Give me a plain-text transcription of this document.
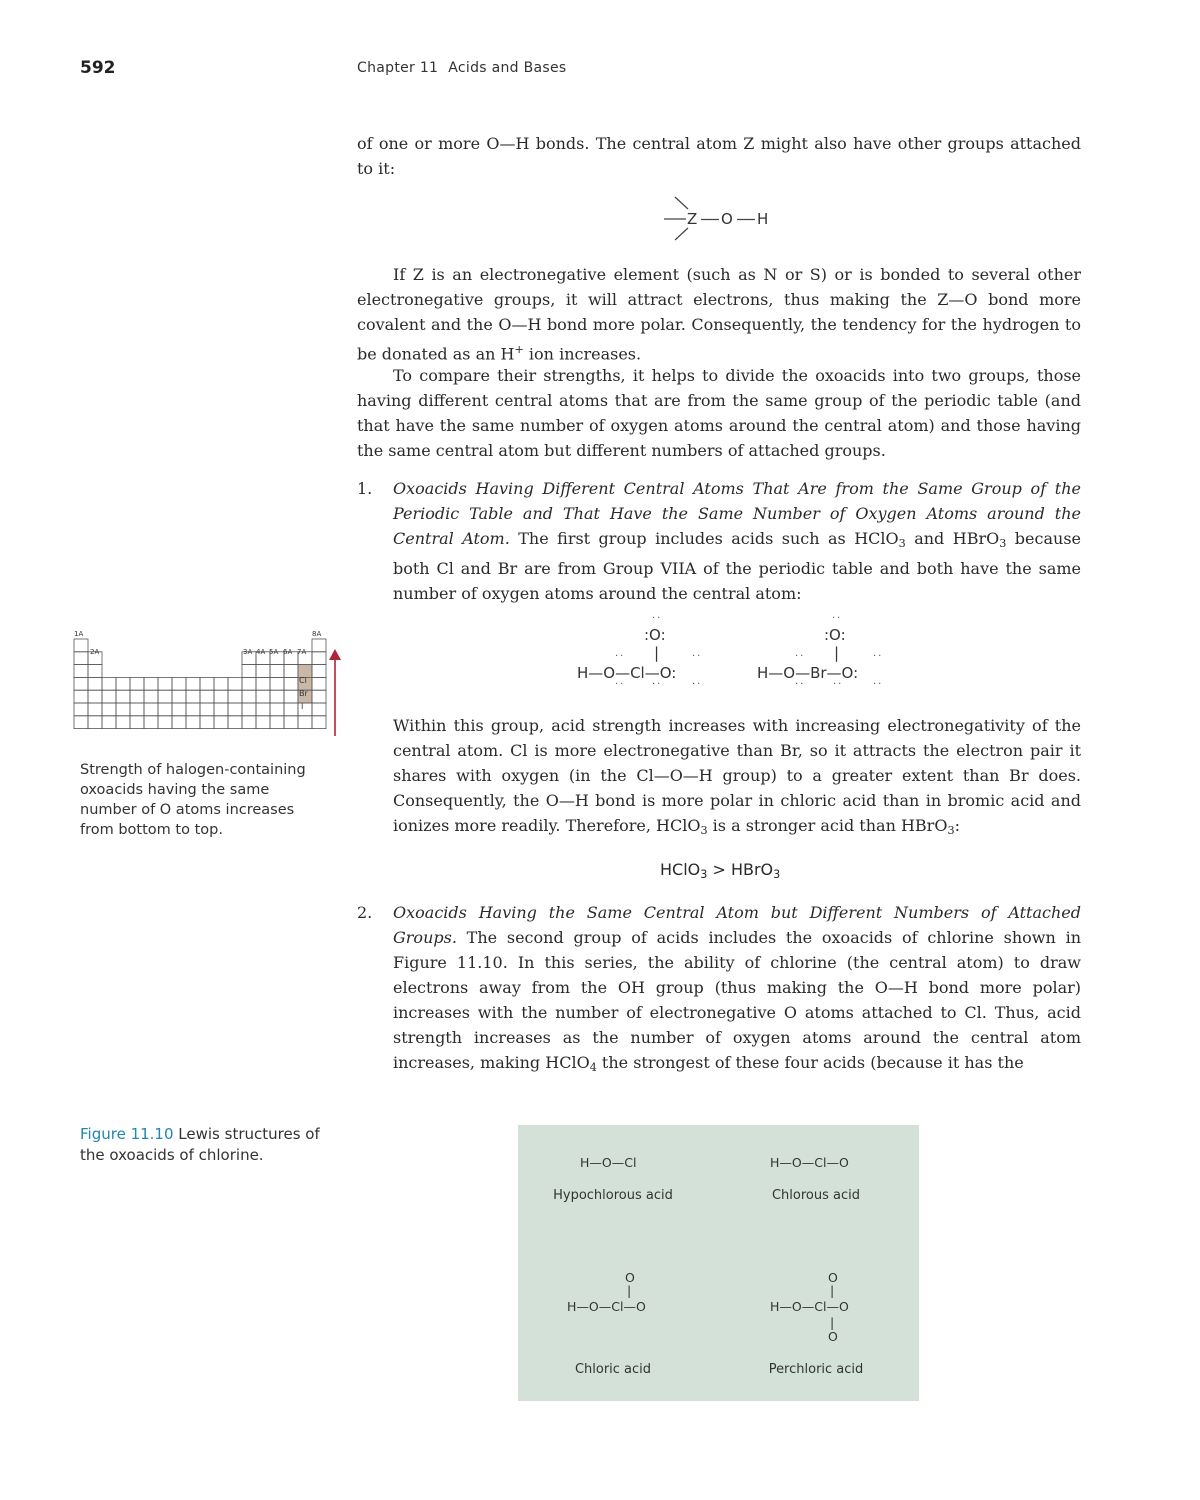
592	Chapter 11 Acids and Bases

of one or more O—H bonds. The central atom Z might also have other groups attached to it:

Z O H

If Z is an electronegative element (such as N or S) or is bonded to several other electronegative groups, it will attract electrons, thus making the Z—O bond more covalent and the O—H bond more polar. Consequently, the tendency for the hydrogen to be donated as an H+ ion increases.

To compare their strengths, it helps to divide the oxoacids into two groups, those having different central atoms that are from the same group of the periodic table (and that have the same number of oxygen atoms around the central atom) and those having the same central atom but different numbers of attached groups.

1. Oxoacids Having Different Central Atoms That Are from the Same Group of the Periodic Table and That Have the Same Number of Oxygen Atoms around the Central Atom. The first group includes acids such as HClO$_3$ and HBrO$_3$ because both Cl and Br are from Group VIIA of the periodic table and both have the same number of oxygen atoms around the central atom:

··
:O:
|
··	··
H—O—Cl—O:
··	··	··
··
:O:
|
··	··
H—O—Br—O:
··	··	··

Within this group, acid strength increases with increasing electronegativity of the central atom. Cl is more electronegative than Br, so it attracts the electron pair it shares with oxygen (in the Cl—O—H group) to a greater extent than Br does. Consequently, the O—H bond is more polar in chloric acid than in bromic acid and ionizes more readily. Therefore, HClO$_3$ is a stronger acid than HBrO$_3$:

HClO$_3$ > HBrO$_3$
2. Oxoacids Having the Same Central Atom but Different Numbers of Attached Groups. The second group of acids includes the oxoacids of chlorine shown in Figure 11.10. In this series, the ability of chlorine (the central atom) to draw electrons away from the OH group (thus making the O—H bond more polar) increases with the number of electronegative O atoms attached to Cl. Thus, acid strength increases as the number of oxygen atoms around the central atom increases, making HClO$_4$ the strongest of these four acids (because it has the

1A
2A	3A 4A 5A 6A 7A
8A
Cl
Br
I
Strength of halogen-containing oxoacids having the same number of O atoms increases from bottom to top.
Figure 11.10 Lewis structures of the oxoacids of chlorine.	H—O—Cl
Hypochlorous acid
H—O—Cl—O
Chlorous acid
O
|
H—O—Cl—O
Chloric acid
O
|
H—O—Cl—O
|
O
Perchloric acid
